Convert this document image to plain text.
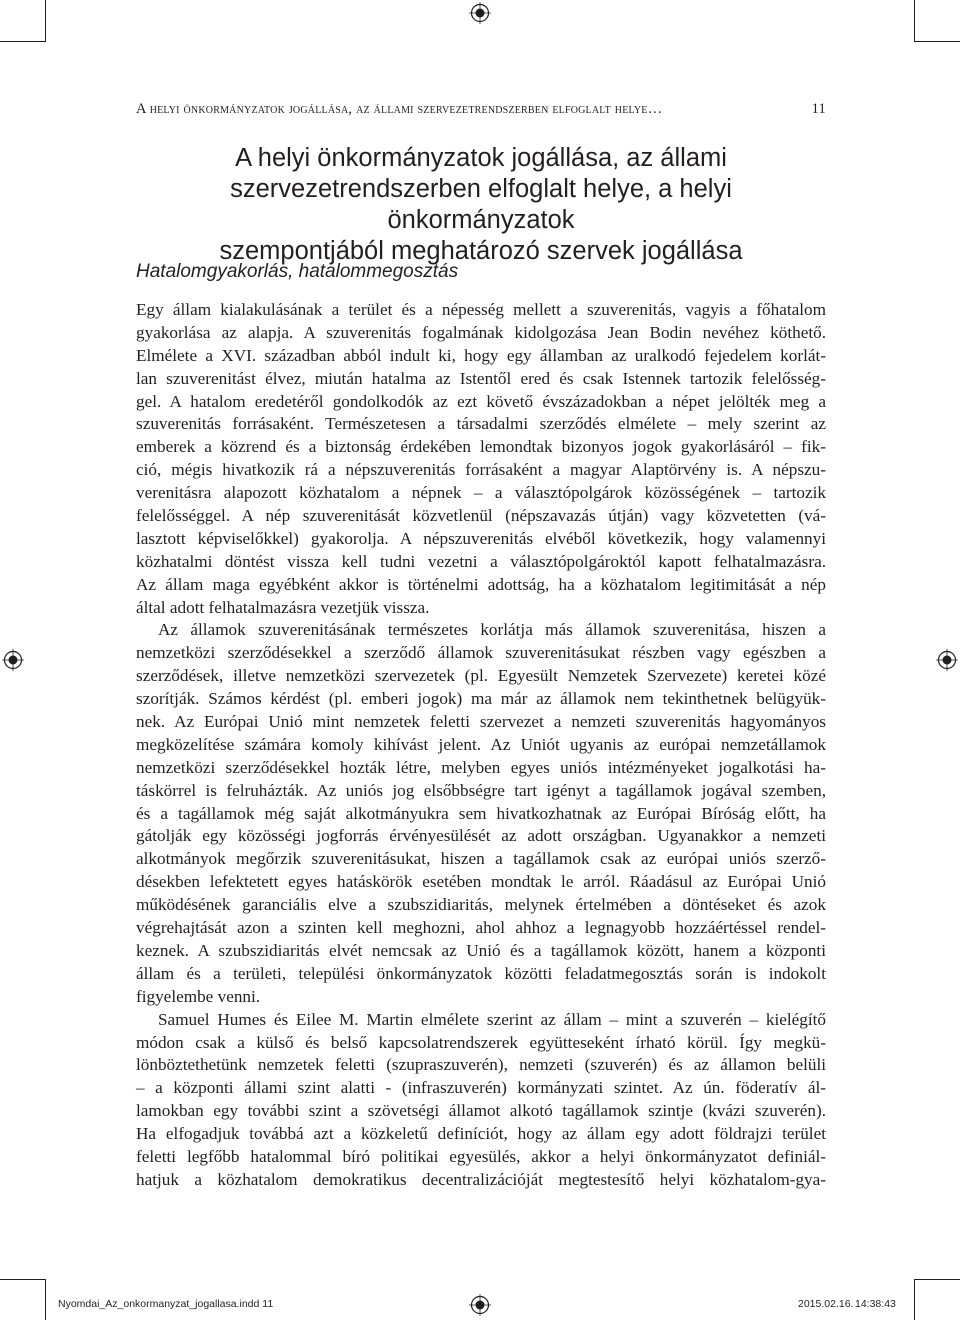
A helyi önkormányzatok jogállása, az állami szervezetrendszerben elfoglalt helye…	11
A helyi önkormányzatok jogállása, az állami
szervezetrendszerben elfoglalt helye, a helyi önkormányzatok
szempontjából meghatározó szervek jogállása
Hatalomgyakorlás, hatalommegosztás
Egy állam kialakulásának a terület és a népesség mellett a szuverenitás, vagyis a főhatalom
gyakorlása az alapja. A szuverenitás fogalmának kidolgozása Jean Bodin nevéhez köthető.
Elmélete a XVI. században abból indult ki, hogy egy államban az uralkodó fejedelem korlát-
lan szuverenitást élvez, miután hatalma az Istentől ered és csak Istennek tartozik felelősség-
gel. A hatalom eredetéről gondolkodók az ezt követő évszázadokban a népet jelölték meg a
szuverenitás forrásaként. Természetesen a társadalmi szerződés elmélete – mely szerint az
emberek a közrend és a biztonság érdekében lemondtak bizonyos jogok gyakorlásáról – fik-
ció, mégis hivatkozik rá a népszuverenitás forrásaként a magyar Alaptörvény is. A népszu-
verenitásra alapozott közhatalom a népnek – a választópolgárok közösségének – tartozik
felelősséggel. A nép szuverenitását közvetlenül (népszavazás útján) vagy közvetetten (vá-
lasztott képviselőkkel) gyakorolja. A népszuverenitás elvéből következik, hogy valamennyi
közhatalmi döntést vissza kell tudni vezetni a választópolgároktól kapott felhatalmazásra.
Az állam maga egyébként akkor is történelmi adottság, ha a közhatalom legitimitását a nép
által adott felhatalmazásra vezetjük vissza.
Az államok szuverenitásának természetes korlátja más államok szuverenitása, hiszen a
nemzetközi szerződésekkel a szerződő államok szuverenitásukat részben vagy egészben a
szerződések, illetve nemzetközi szervezetek (pl. Egyesült Nemzetek Szervezete) keretei közé
szorítják. Számos kérdést (pl. emberi jogok) ma már az államok nem tekinthetnek belügyük-
nek. Az Európai Unió mint nemzetek feletti szervezet a nemzeti szuverenitás hagyományos
megközelítése számára komoly kihívást jelent. Az Uniót ugyanis az európai nemzetállamok
nemzetközi szerződésekkel hozták létre, melyben egyes uniós intézményeket jogalkotási ha-
táskörrel is felruházták. Az uniós jog elsőbbségre tart igényt a tagállamok jogával szemben,
és a tagállamok még saját alkotmányukra sem hivatkozhatnak az Európai Bíróság előtt, ha
gátolják egy közösségi jogforrás érvényesülését az adott országban. Ugyanakkor a nemzeti
alkotmányok megőrzik szuverenitásukat, hiszen a tagállamok csak az európai uniós szerző-
désekben lefektetett egyes hatáskörök esetében mondtak le arról. Ráadásul az Európai Unió
működésének garanciális elve a szubszidiaritás, melynek értelmében a döntéseket és azok
végrehajtását azon a szinten kell meghozni, ahol ahhoz a legnagyobb hozzáértéssel rendel-
keznek. A szubszidiaritás elvét nemcsak az Unió és a tagállamok között, hanem a központi
állam és a területi, települési önkormányzatok közötti feladatmegosztás során is indokolt
figyelembe venni.
Samuel Humes és Eilee M. Martin elmélete szerint az állam – mint a szuverén – kielégítő
módon csak a külső és belső kapcsolatrendszerek együtteseként írható körül. Így megkü-
lönböztethetünk nemzetek feletti (szupraszuverén), nemzeti (szuverén) és az államon belüli
– a központi állami szint alatti - (infraszuverén) kormányzati szintet. Az ún. föderatív ál-
lamokban egy további szint a szövetségi államot alkotó tagállamok szintje (kvázi szuverén).
Ha elfogadjuk továbbá azt a közkeletű definíciót, hogy az állam egy adott földrajzi terület
feletti legfőbb hatalommal bíró politikai egyesülés, akkor a helyi önkormányzatot definiál-
hatjuk a közhatalom demokratikus decentralizációját megtestesítő helyi közhatalom-gya-
Nyomdai_Az_onkormanyzat_jogallasa.indd 11	2015.02.16. 14:38:43
